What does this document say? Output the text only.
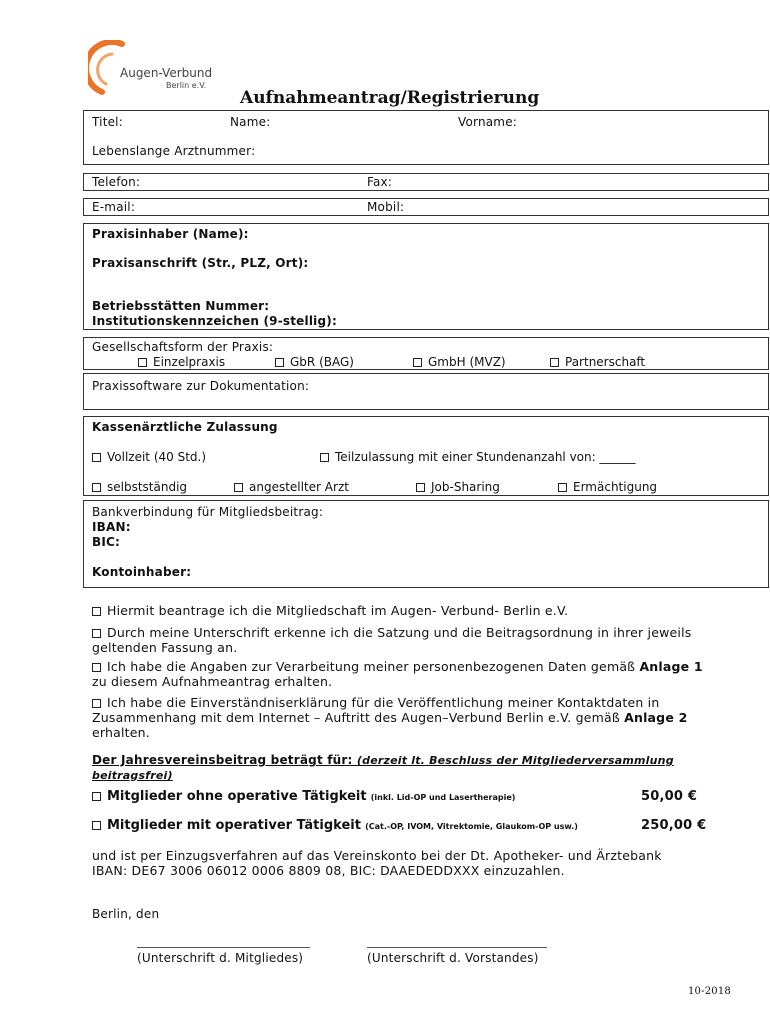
Augen-Verbund
Berlin e.V.
Aufnahmeantrag/Registrierung
Titel:	Name:	Vorname:
Lebenslange Arztnummer:
Telefon:	Fax:
E-mail:	Mobil:
Praxisinhaber (Name):
Praxisanschrift (Str., PLZ, Ort):
Betriebsstätten Nummer:
Institutionskennzeichen (9-stellig):
Gesellschaftsform der Praxis:
Einzelpraxis	GbR (BAG)	GmbH (MVZ)	Partnerschaft
Praxissoftware zur Dokumentation:
Kassenärztliche Zulassung
Vollzeit (40 Std.)	Teilzulassung mit einer Stundenanzahl von: ______
selbstständig	angestellter Arzt	Job-Sharing	Ermächtigung
Bankverbindung für Mitgliedsbeitrag:
IBAN:
BIC:
Kontoinhaber:
Hiermit beantrage ich die Mitgliedschaft im Augen- Verbund- Berlin e.V.
Durch meine Unterschrift erkenne ich die Satzung und die Beitragsordnung in ihrer jeweils geltenden Fassung an.
Ich habe die Angaben zur Verarbeitung meiner personenbezogenen Daten gemäß Anlage 1 zu diesem Aufnahmeantrag erhalten.
Ich habe die Einverständniserklärung für die Veröffentlichung meiner Kontaktdaten in Zusammenhang mit dem Internet – Auftritt des Augen–Verbund Berlin e.V. gemäß Anlage 2 erhalten.
Der Jahresvereinsbeitrag beträgt für: (derzeit lt. Beschluss der Mitgliederversammlung beitragsfrei)
Mitglieder ohne operative Tätigkeit (inkl. Lid-OP und Lasertherapie)	50,00 €
Mitglieder mit operativer Tätigkeit (Cat.-OP, IVOM, Vitrektomie, Glaukom-OP usw.)	250,00 €
und ist per Einzugsverfahren auf das Vereinskonto bei der Dt. Apotheker- und Ärztebank
IBAN: DE67 3006 06012 0006 8809 08, BIC: DAAEDEDDXXX einzuzahlen.
Berlin, den
(Unterschrift d. Mitgliedes)	(Unterschrift d. Vorstandes)
10-2018
